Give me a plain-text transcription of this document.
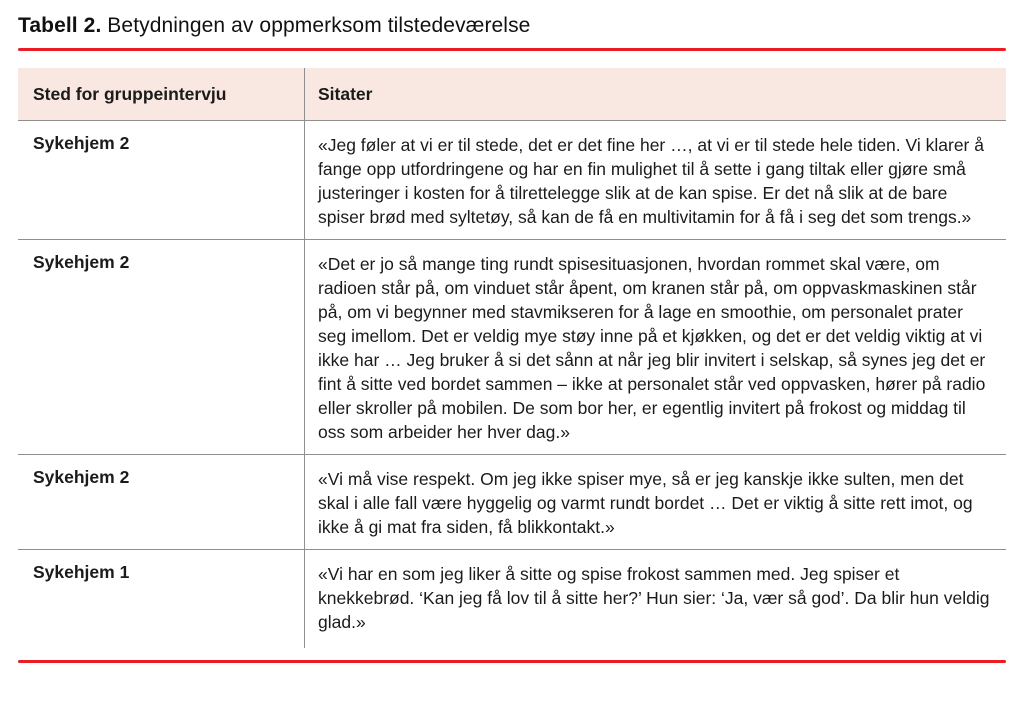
Tabell 2. Betydningen av oppmerksom tilstedeværelse
Sted for gruppeintervju	Sitater
Sykehjem 2	«Jeg føler at vi er til stede, det er det fine her …, at vi er til stede hele tiden. Vi klarer å fange opp utfordringene og har en fin mulighet til å sette i gang tiltak eller gjøre små justeringer i kosten for å tilrettelegge slik at de kan spise. Er det nå slik at de bare spiser brød med syltetøy, så kan de få en multivitamin for å få i seg det som trengs.»
Sykehjem 2	«Det er jo så mange ting rundt spisesituasjonen, hvordan rommet skal være, om radioen står på, om vinduet står åpent, om kranen står på, om oppvaskmaskinen står på, om vi begynner med stavmikseren for å lage en smoothie, om personalet prater seg imellom. Det er veldig mye støy inne på et kjøkken, og det er det veldig viktig at vi ikke har … Jeg bruker å si det sånn at når jeg blir invitert i selskap, så synes jeg det er fint å sitte ved bordet sammen – ikke at personalet står ved oppvasken, hører på radio eller skroller på mobilen. De som bor her, er egentlig invitert på frokost og middag til oss som arbeider her hver dag.»
Sykehjem 2	«Vi må vise respekt. Om jeg ikke spiser mye, så er jeg kanskje ikke sulten, men det skal i alle fall være hyggelig og varmt rundt bordet … Det er viktig å sitte rett imot, og ikke å gi mat fra siden, få blikkontakt.»
Sykehjem 1	«Vi har en som jeg liker å sitte og spise frokost sammen med. Jeg spiser et knekkebrød. ‘Kan jeg få lov til å sitte her?’ Hun sier: ‘Ja, vær så god’. Da blir hun veldig glad.»
